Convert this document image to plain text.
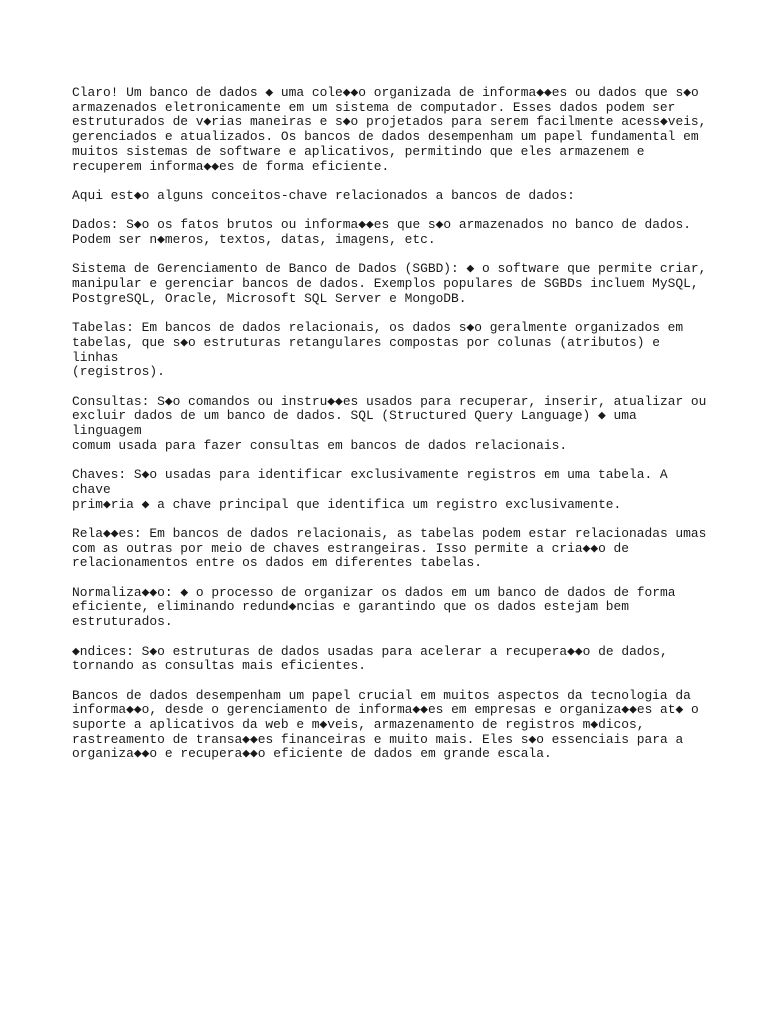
Claro! Um banco de dados ◆ uma cole◆◆o organizada de informa◆◆es ou dados que s◆o
armazenados eletronicamente em um sistema de computador. Esses dados podem ser
estruturados de v◆rias maneiras e s◆o projetados para serem facilmente acess◆veis,
gerenciados e atualizados. Os bancos de dados desempenham um papel fundamental em
muitos sistemas de software e aplicativos, permitindo que eles armazenem e
recuperem informa◆◆es de forma eficiente.

Aqui est◆o alguns conceitos-chave relacionados a bancos de dados:

Dados: S◆o os fatos brutos ou informa◆◆es que s◆o armazenados no banco de dados.
Podem ser n◆meros, textos, datas, imagens, etc.

Sistema de Gerenciamento de Banco de Dados (SGBD): ◆ o software que permite criar,
manipular e gerenciar bancos de dados. Exemplos populares de SGBDs incluem MySQL,
PostgreSQL, Oracle, Microsoft SQL Server e MongoDB.

Tabelas: Em bancos de dados relacionais, os dados s◆o geralmente organizados em
tabelas, que s◆o estruturas retangulares compostas por colunas (atributos) e linhas
(registros).

Consultas: S◆o comandos ou instru◆◆es usados para recuperar, inserir, atualizar ou
excluir dados de um banco de dados. SQL (Structured Query Language) ◆ uma linguagem
comum usada para fazer consultas em bancos de dados relacionais.

Chaves: S◆o usadas para identificar exclusivamente registros em uma tabela. A chave
prim◆ria ◆ a chave principal que identifica um registro exclusivamente.

Rela◆◆es: Em bancos de dados relacionais, as tabelas podem estar relacionadas umas
com as outras por meio de chaves estrangeiras. Isso permite a cria◆◆o de
relacionamentos entre os dados em diferentes tabelas.

Normaliza◆◆o: ◆ o processo de organizar os dados em um banco de dados de forma
eficiente, eliminando redund◆ncias e garantindo que os dados estejam bem
estruturados.

◆ndices: S◆o estruturas de dados usadas para acelerar a recupera◆◆o de dados,
tornando as consultas mais eficientes.

Bancos de dados desempenham um papel crucial em muitos aspectos da tecnologia da
informa◆◆o, desde o gerenciamento de informa◆◆es em empresas e organiza◆◆es at◆ o
suporte a aplicativos da web e m◆veis, armazenamento de registros m◆dicos,
rastreamento de transa◆◆es financeiras e muito mais. Eles s◆o essenciais para a
organiza◆◆o e recupera◆◆o eficiente de dados em grande escala.
